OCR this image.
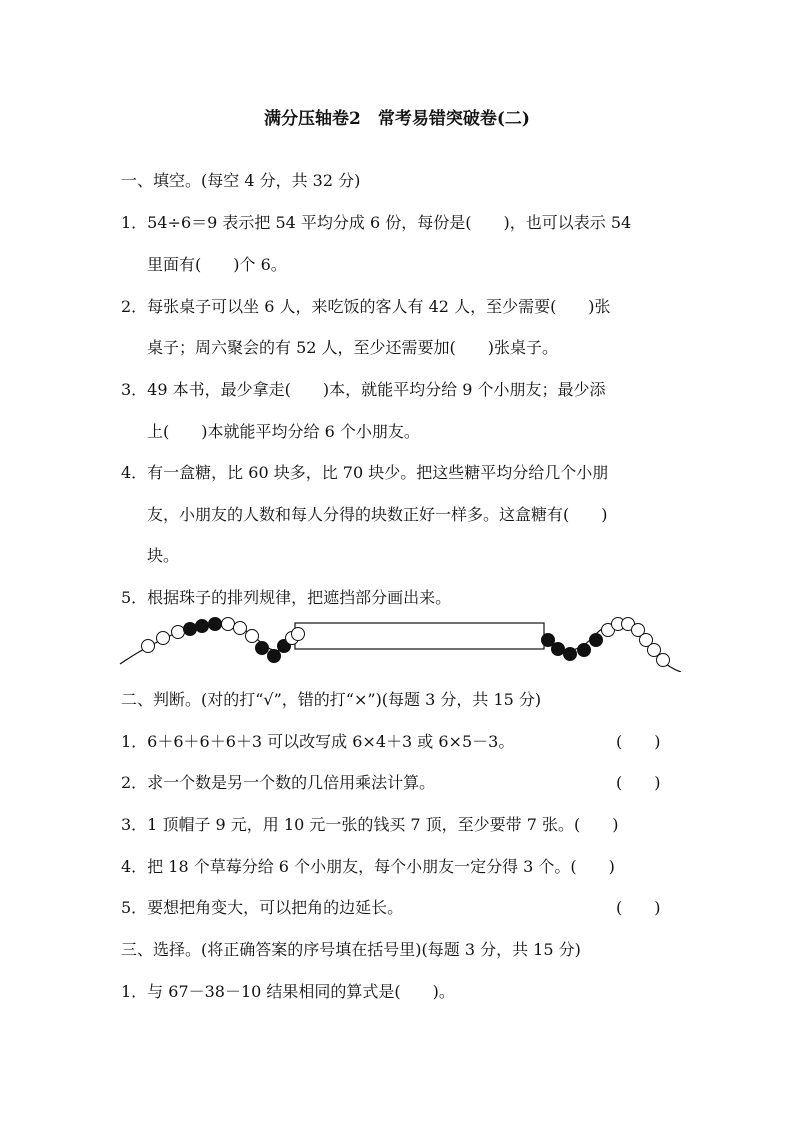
满分压轴卷2　常考易错突破卷(二)
一、填空。(每空 4 分，共 32 分)
1．54÷6＝9 表示把 54 平均分成 6 份，每份是(　　)，也可以表示 54
里面有(　　)个 6。
2．每张桌子可以坐 6 人，来吃饭的客人有 42 人，至少需要(　　)张
桌子；周六聚会的有 52 人，至少还需要加(　　)张桌子。
3．49 本书，最少拿走(　　)本，就能平均分给 9 个小朋友；最少添
上(　　)本就能平均分给 6 个小朋友。
4．有一盒糖，比 60 块多，比 70 块少。把这些糖平均分给几个小朋
友，小朋友的人数和每人分得的块数正好一样多。这盒糖有(　　)
块。
5．根据珠子的排列规律，把遮挡部分画出来。
二、判断。(对的打“√”，错的打“×”)(每题 3 分，共 15 分)
1．6＋6＋6＋6＋3 可以改写成 6×4＋3 或 6×5－3。	(　　)
2．求一个数是另一个数的几倍用乘法计算。	(　　)
3．1 顶帽子 9 元，用 10 元一张的钱买 7 顶，至少要带 7 张。(　　)
4．把 18 个草莓分给 6 个小朋友，每个小朋友一定分得 3 个。(　　)
5．要想把角变大，可以把角的边延长。	(　　)
三、选择。(将正确答案的序号填在括号里)(每题 3 分，共 15 分)
1．与 67－38－10 结果相同的算式是(　　)。
